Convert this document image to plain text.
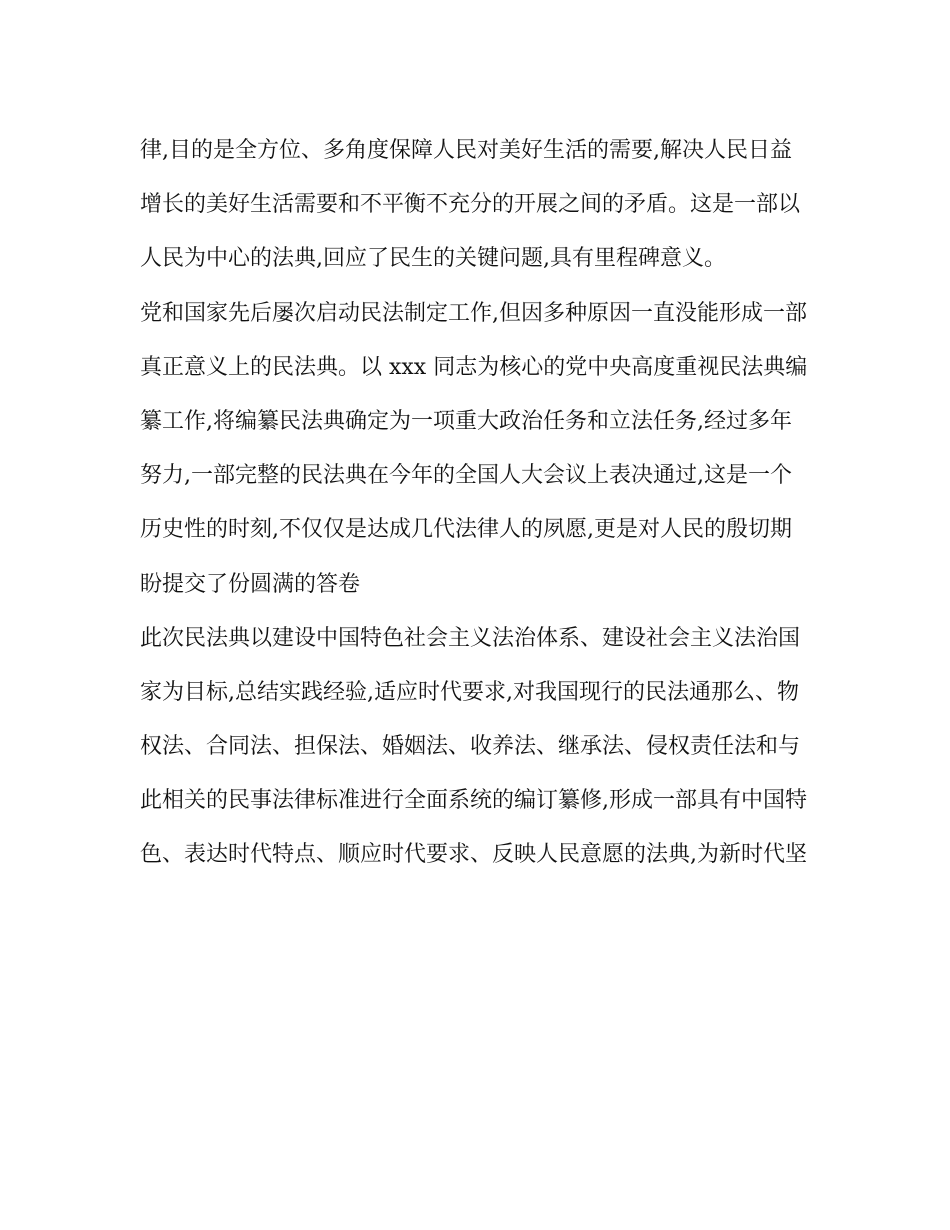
律,目的是全方位、多角度保障人民对美好生活的需要,解决人民日益
增长的美好生活需要和不平衡不充分的开展之间的矛盾。这是一部以
人民为中心的法典,回应了民生的关键问题,具有里程碑意义。
党和国家先后屡次启动民法制定工作,但因多种原因一直没能形成一部
真正意义上的民法典。以 xxx 同志为核心的党中央高度重视民法典编
纂工作,将编纂民法典确定为一项重大政治任务和立法任务,经过多年
努力,一部完整的民法典在今年的全国人大会议上表决通过,这是一个
历史性的时刻,不仅仅是达成几代法律人的夙愿,更是对人民的殷切期
盼提交了份圆满的答卷
此次民法典以建设中国特色社会主义法治体系、建设社会主义法治国
家为目标,总结实践经验,适应时代要求,对我国现行的民法通那么、物
权法、合同法、担保法、婚姻法、收养法、继承法、侵权责任法和与
此相关的民事法律标准进行全面系统的编订纂修,形成一部具有中国特
色、表达时代特点、顺应时代要求、反映人民意愿的法典,为新时代坚
